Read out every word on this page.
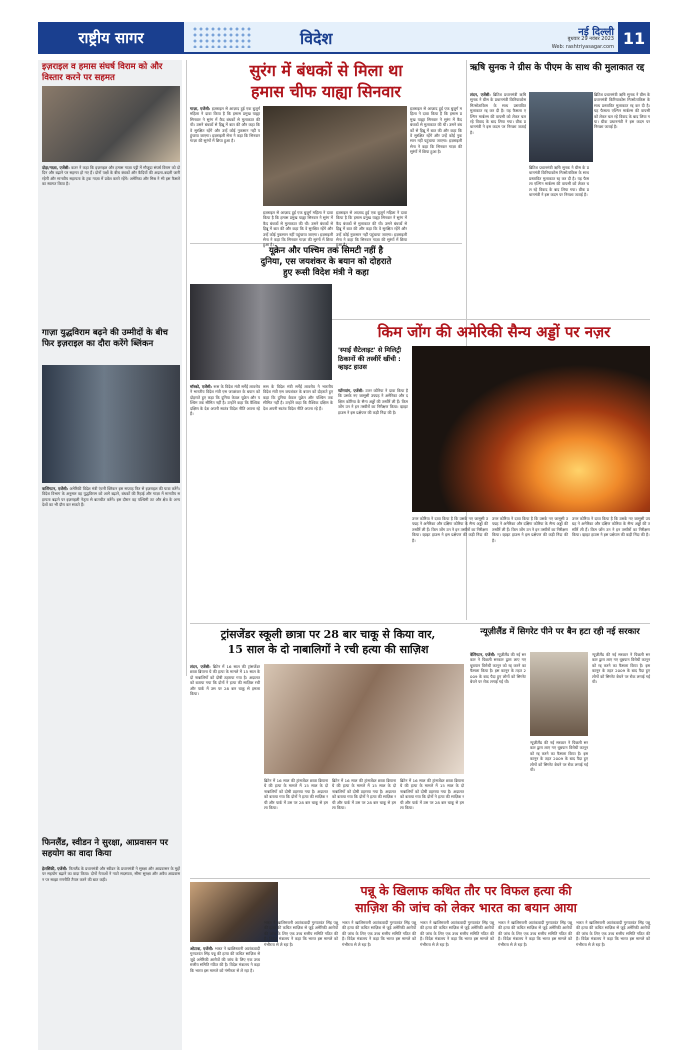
राष्ट्रीय सागर	विदेश	नई दिल्ली
बुधवार 29 नवंबर 2023
Web: rashtriyasagar.com 11
इज़राइल व हमास संघर्ष विराम को और विस्तार करने पर सहमत
दोहा/गाज़ा, एजेंसी: कतर ने कहा कि इज़राइल और हमास गाज़ा पट्टी में मौजूदा संघर्ष विराम को दो दिन और बढ़ाने पर सहमत हो गए हैं। दोनों पक्षों के बीच बंधकों और कैदियों की अदला-बदली जारी रहेगी और मानवीय सहायता के ट्रक गाज़ा में प्रवेश करते रहेंगे। अमेरिका और मिस्र ने भी इस फैसले का स्वागत किया है।
गाज़ा युद्धविराम बढ़ने की उम्मीदों के बीच फिर इज़राइल का दौरा करेंगे ब्लिंकन
वाशिंगटन, एजेंसी: अमेरिकी विदेश मंत्री एंटनी ब्लिंकन इस सप्ताह फिर से इज़राइल की यात्रा करेंगे। विदेश विभाग के अनुसार वह युद्धविराम को आगे बढ़ाने, बंधकों की रिहाई और गाज़ा में मानवीय सहायता बढ़ाने पर इज़राइली नेतृत्व से बातचीत करेंगे। इस दौरान वह पश्चिमी तट और क्षेत्र के अन्य देशों का भी दौरा कर सकते हैं।
फिनलैंड, स्वीडन ने सुरक्षा, आप्रवासन पर सहयोग का वादा किया
हेलसिंकी, एजेंसी: फिनलैंड के प्रधानमंत्री और स्वीडन के प्रधानमंत्री ने सुरक्षा और आप्रवासन के मुद्दों पर सहयोग बढ़ाने का वादा किया। दोनों नेताओं ने नाटो सदस्यता, सीमा सुरक्षा और अवैध आप्रवासन पर साझा रणनीति तैयार करने की बात कही।
सुरंग में बंधकों से मिला था
हमास चीफ याह्या सिनवार
गाज़ा, एजेंसी: इज़राइल से आज़ाद हुई एक बुज़ुर्ग महिला ने दावा किया है कि हमास प्रमुख याह्या सिनवार ने सुरंग में कैद बंधकों से मुलाकात की थी। उसने बंधकों से हिब्रू में बात की और कहा कि वे सुरक्षित रहेंगे और उन्हें कोई नुकसान नहीं पहुंचाया जाएगा। इज़राइली सेना ने कहा कि सिनवार गाज़ा की सुरंगों में छिपा हुआ है।
इज़राइल से आज़ाद हुई एक बुज़ुर्ग महिला ने दावा किया है कि हमास प्रमुख याह्या सिनवार ने सुरंग में कैद बंधकों से मुलाकात की थी। उसने बंधकों से हिब्रू में बात की और कहा कि वे सुरक्षित रहेंगे और उन्हें कोई नुकसान नहीं पहुंचाया जाएगा। इज़राइली सेना ने कहा कि सिनवार गाज़ा की सुरंगों में छिपा हुआ है।
इज़राइल से आज़ाद हुई एक बुज़ुर्ग महिला ने दावा किया है कि हमास प्रमुख याह्या सिनवार ने सुरंग में कैद बंधकों से मुलाकात की थी। उसने बंधकों से हिब्रू में बात की और कहा कि वे सुरक्षित रहेंगे और उन्हें कोई नुकसान नहीं पहुंचाया जाएगा। इज़राइली सेना ने कहा कि सिनवार गाज़ा की सुरंगों में छिपा हुआ है।
इज़राइल से आज़ाद हुई एक बुज़ुर्ग महिला ने दावा किया है कि हमास प्रमुख याह्या सिनवार ने सुरंग में कैद बंधकों से मुलाकात की थी। उसने बंधकों से हिब्रू में बात की और कहा कि वे सुरक्षित रहेंगे और उन्हें कोई नुकसान नहीं पहुंचाया जाएगा। इज़राइली सेना ने कहा कि सिनवार गाज़ा की सुरंगों में छिपा हुआ है।
ऋषि सुनक ने ग्रीस के पीएम के साथ की मुलाकात रद्द
लंदन, एजेंसी: ब्रिटिश प्रधानमंत्री ऋषि सुनक ने ग्रीस के प्रधानमंत्री किरियाकोस मित्सोताकिस के साथ प्रस्तावित मुलाकात रद्द कर दी है। यह फैसला एल्गिन मार्बल्स की वापसी को लेकर चल रहे विवाद के बाद लिया गया। ग्रीक प्रधानमंत्री ने इस कदम पर निराशा जताई है।
ब्रिटिश प्रधानमंत्री ऋषि सुनक ने ग्रीस के प्रधानमंत्री किरियाकोस मित्सोताकिस के साथ प्रस्तावित मुलाकात रद्द कर दी है। यह फैसला एल्गिन मार्बल्स की वापसी को लेकर चल रहे विवाद के बाद लिया गया। ग्रीक प्रधानमंत्री ने इस कदम पर निराशा जताई है।
ब्रिटिश प्रधानमंत्री ऋषि सुनक ने ग्रीस के प्रधानमंत्री किरियाकोस मित्सोताकिस के साथ प्रस्तावित मुलाकात रद्द कर दी है। यह फैसला एल्गिन मार्बल्स की वापसी को लेकर चल रहे विवाद के बाद लिया गया। ग्रीक प्रधानमंत्री ने इस कदम पर निराशा जताई है।
यूक्रेन और पश्चिम तक सिमटी नहीं है
दुनिया, एस जयशंकर के बयान को दोहराते
हुए रूसी विदेश मंत्री ने कहा
मॉस्को, एजेंसी: रूस के विदेश मंत्री सर्गेई लावरोव ने भारतीय विदेश मंत्री एस जयशंकर के बयान को दोहराते हुए कहा कि दुनिया केवल यूक्रेन और पश्चिम तक सीमित नहीं है। उन्होंने कहा कि वैश्विक दक्षिण के देश अपनी स्वतंत्र विदेश नीति अपना रहे हैं।
रूस के विदेश मंत्री सर्गेई लावरोव ने भारतीय विदेश मंत्री एस जयशंकर के बयान को दोहराते हुए कहा कि दुनिया केवल यूक्रेन और पश्चिम तक सीमित नहीं है। उन्होंने कहा कि वैश्विक दक्षिण के देश अपनी स्वतंत्र विदेश नीति अपना रहे हैं।
किम जोंग की अमेरिकी सैन्य अड्डों पर नज़र
'स्पाई सैटेलाइट' से मिलिट्री ठिकानों की तस्वीरें खींची : व्हाइट हाउस
प्योंगयांग, एजेंसी: उत्तर कोरिया ने दावा किया है कि उसके नए जासूसी उपग्रह ने अमेरिका और दक्षिण कोरिया के सैन्य अड्डों की तस्वीरें ली हैं। किम जोंग उन ने इन तस्वीरों का निरीक्षण किया। व्हाइट हाउस ने इस प्रक्षेपण की कड़ी निंदा की है।
उत्तर कोरिया ने दावा किया है कि उसके नए जासूसी उपग्रह ने अमेरिका और दक्षिण कोरिया के सैन्य अड्डों की तस्वीरें ली हैं। किम जोंग उन ने इन तस्वीरों का निरीक्षण किया। व्हाइट हाउस ने इस प्रक्षेपण की कड़ी निंदा की है।
उत्तर कोरिया ने दावा किया है कि उसके नए जासूसी उपग्रह ने अमेरिका और दक्षिण कोरिया के सैन्य अड्डों की तस्वीरें ली हैं। किम जोंग उन ने इन तस्वीरों का निरीक्षण किया। व्हाइट हाउस ने इस प्रक्षेपण की कड़ी निंदा की है।
उत्तर कोरिया ने दावा किया है कि उसके नए जासूसी उपग्रह ने अमेरिका और दक्षिण कोरिया के सैन्य अड्डों की तस्वीरें ली हैं। किम जोंग उन ने इन तस्वीरों का निरीक्षण किया। व्हाइट हाउस ने इस प्रक्षेपण की कड़ी निंदा की है।
ट्रांसजेंडर स्कूली छात्रा पर 28 बार चाकू से किया वार,
15 साल के दो नाबालिगों ने रची हत्या की साज़िश
लंदन, एजेंसी: ब्रिटेन में 16 साल की ट्रांसजेंडर छात्रा ब्रियाना घे की हत्या के मामले में 15 साल के दो नाबालिगों को दोषी ठहराया गया है। अदालत को बताया गया कि दोनों ने हत्या की साज़िश रची और पार्क में उस पर 28 बार चाकू से हमला किया।
ब्रिटेन में 16 साल की ट्रांसजेंडर छात्रा ब्रियाना घे की हत्या के मामले में 15 साल के दो नाबालिगों को दोषी ठहराया गया है। अदालत को बताया गया कि दोनों ने हत्या की साज़िश रची और पार्क में उस पर 28 बार चाकू से हमला किया।
ब्रिटेन में 16 साल की ट्रांसजेंडर छात्रा ब्रियाना घे की हत्या के मामले में 15 साल के दो नाबालिगों को दोषी ठहराया गया है। अदालत को बताया गया कि दोनों ने हत्या की साज़िश रची और पार्क में उस पर 28 बार चाकू से हमला किया।
ब्रिटेन में 16 साल की ट्रांसजेंडर छात्रा ब्रियाना घे की हत्या के मामले में 15 साल के दो नाबालिगों को दोषी ठहराया गया है। अदालत को बताया गया कि दोनों ने हत्या की साज़िश रची और पार्क में उस पर 28 बार चाकू से हमला किया।
न्यूज़ीलैंड में सिगरेट पीने पर बैन हटा रही नई सरकार
वेलिंगटन, एजेंसी: न्यूज़ीलैंड की नई सरकार ने पिछली सरकार द्वारा लाए गए धूम्रपान विरोधी कानून को रद्द करने का फैसला किया है। इस कानून के तहत 2009 के बाद पैदा हुए लोगों को सिगरेट बेचने पर रोक लगाई गई थी।
न्यूज़ीलैंड की नई सरकार ने पिछली सरकार द्वारा लाए गए धूम्रपान विरोधी कानून को रद्द करने का फैसला किया है। इस कानून के तहत 2009 के बाद पैदा हुए लोगों को सिगरेट बेचने पर रोक लगाई गई थी।
न्यूज़ीलैंड की नई सरकार ने पिछली सरकार द्वारा लाए गए धूम्रपान विरोधी कानून को रद्द करने का फैसला किया है। इस कानून के तहत 2009 के बाद पैदा हुए लोगों को सिगरेट बेचने पर रोक लगाई गई थी।
पन्नू के खिलाफ कथित तौर पर विफल हत्या की
साज़िश की जांच को लेकर भारत का बयान आया
ओटावा, एजेंसी: भारत ने खालिस्तानी आतंकवादी गुरपतवंत सिंह पन्नू की हत्या की कथित साज़िश से जुड़े अमेरिकी आरोपों की जांच के लिए एक उच्च स्तरीय समिति गठित की है। विदेश मंत्रालय ने कहा कि भारत इस मामले को गंभीरता से ले रहा है।
भारत ने खालिस्तानी आतंकवादी गुरपतवंत सिंह पन्नू की हत्या की कथित साज़िश से जुड़े अमेरिकी आरोपों की जांच के लिए एक उच्च स्तरीय समिति गठित की है। विदेश मंत्रालय ने कहा कि भारत इस मामले को गंभीरता से ले रहा है।
भारत ने खालिस्तानी आतंकवादी गुरपतवंत सिंह पन्नू की हत्या की कथित साज़िश से जुड़े अमेरिकी आरोपों की जांच के लिए एक उच्च स्तरीय समिति गठित की है। विदेश मंत्रालय ने कहा कि भारत इस मामले को गंभीरता से ले रहा है।
भारत ने खालिस्तानी आतंकवादी गुरपतवंत सिंह पन्नू की हत्या की कथित साज़िश से जुड़े अमेरिकी आरोपों की जांच के लिए एक उच्च स्तरीय समिति गठित की है। विदेश मंत्रालय ने कहा कि भारत इस मामले को गंभीरता से ले रहा है।
भारत ने खालिस्तानी आतंकवादी गुरपतवंत सिंह पन्नू की हत्या की कथित साज़िश से जुड़े अमेरिकी आरोपों की जांच के लिए एक उच्च स्तरीय समिति गठित की है। विदेश मंत्रालय ने कहा कि भारत इस मामले को गंभीरता से ले रहा है।
भारत ने खालिस्तानी आतंकवादी गुरपतवंत सिंह पन्नू की हत्या की कथित साज़िश से जुड़े अमेरिकी आरोपों की जांच के लिए एक उच्च स्तरीय समिति गठित की है। विदेश मंत्रालय ने कहा कि भारत इस मामले को गंभीरता से ले रहा है।
